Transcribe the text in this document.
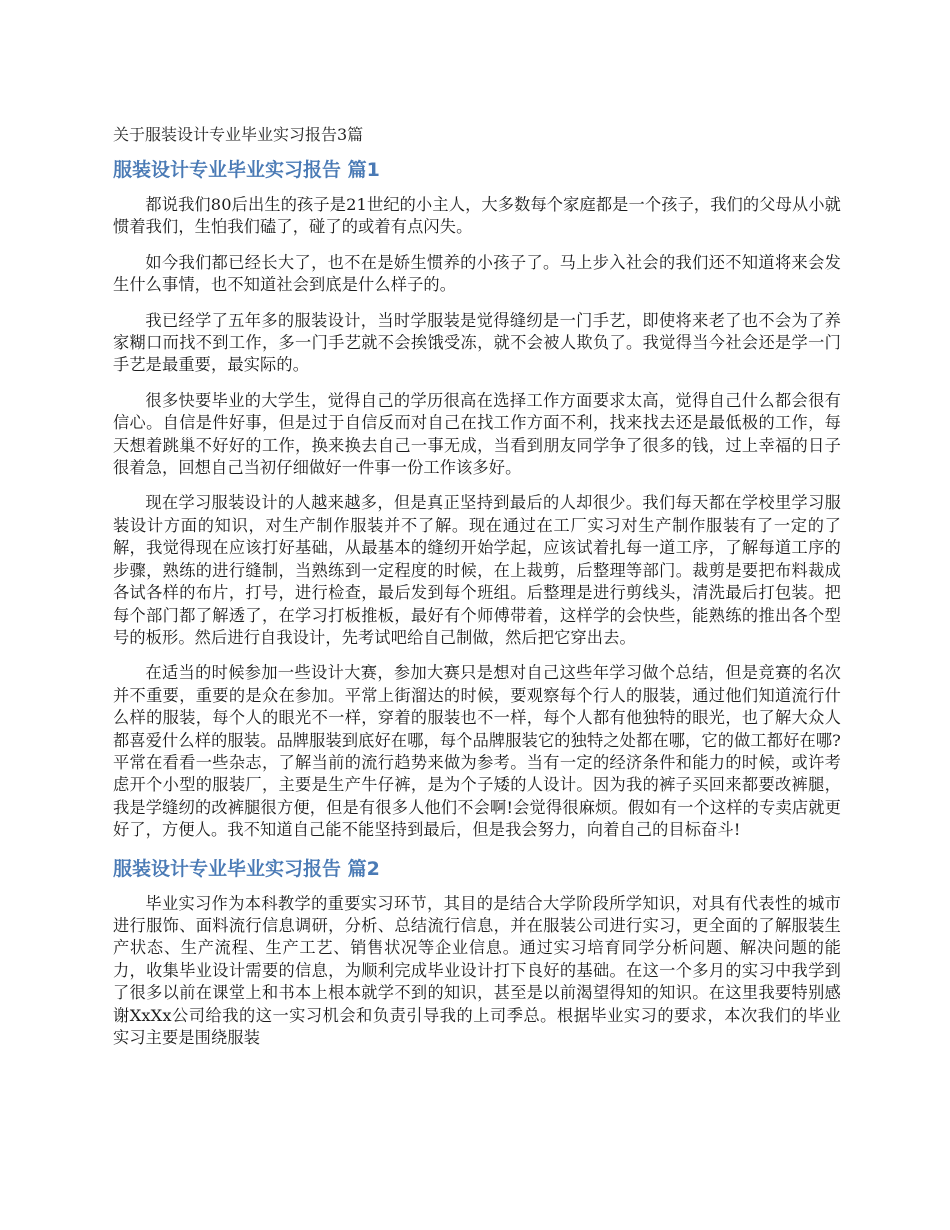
关于服装设计专业毕业实习报告3篇
服装设计专业毕业实习报告 篇1

都说我们80后出生的孩子是21世纪的小主人，大多数每个家庭都是一个孩子，我们的父母从小就惯着我们，生怕我们磕了，碰了的或着有点闪失。

如今我们都已经长大了，也不在是娇生惯养的小孩子了。马上步入社会的我们还不知道将来会发生什么事情，也不知道社会到底是什么样子的。

我已经学了五年多的服装设计，当时学服装是觉得缝纫是一门手艺，即使将来老了也不会为了养家糊口而找不到工作，多一门手艺就不会挨饿受冻，就不会被人欺负了。我觉得当今社会还是学一门手艺是最重要，最实际的。

很多快要毕业的大学生，觉得自己的学历很高在选择工作方面要求太高，觉得自己什么都会很有信心。自信是件好事，但是过于自信反而对自己在找工作方面不利，找来找去还是最低极的工作，每天想着跳巢不好好的工作，换来换去自己一事无成，当看到朋友同学争了很多的钱，过上幸福的日子很着急，回想自己当初仔细做好一件事一份工作该多好。

现在学习服装设计的人越来越多，但是真正坚持到最后的人却很少。我们每天都在学校里学习服装设计方面的知识，对生产制作服装并不了解。现在通过在工厂实习对生产制作服装有了一定的了解，我觉得现在应该打好基础，从最基本的缝纫开始学起，应该试着扎每一道工序，了解每道工序的步骤，熟练的进行缝制，当熟练到一定程度的时候，在上裁剪，后整理等部门。裁剪是要把布料裁成各试各样的布片，打号，进行检查，最后发到每个班组。后整理是进行剪线头，清洗最后打包装。把每个部门都了解透了，在学习打板推板，最好有个师傅带着，这样学的会快些，能熟练的推出各个型号的板形。然后进行自我设计，先考试吧给自己制做，然后把它穿出去。

在适当的时候参加一些设计大赛，参加大赛只是想对自己这些年学习做个总结，但是竞赛的名次并不重要，重要的是众在参加。平常上街溜达的时候，要观察每个行人的服装，通过他们知道流行什么样的服装，每个人的眼光不一样，穿着的服装也不一样，每个人都有他独特的眼光，也了解大众人都喜爱什么样的服装。品牌服装到底好在哪，每个品牌服装它的独特之处都在哪，它的做工都好在哪?平常在看看一些杂志，了解当前的流行趋势来做为参考。当有一定的经济条件和能力的时候，或许考虑开个小型的服装厂，主要是生产牛仔裤，是为个子矮的人设计。因为我的裤子买回来都要改裤腿，我是学缝纫的改裤腿很方便，但是有很多人他们不会啊!会觉得很麻烦。假如有一个这样的专卖店就更好了，方便人。我不知道自己能不能坚持到最后，但是我会努力，向着自己的目标奋斗!

服装设计专业毕业实习报告 篇2

毕业实习作为本科教学的重要实习环节，其目的是结合大学阶段所学知识，对具有代表性的城市进行服饰、面料流行信息调研，分析、总结流行信息，并在服装公司进行实习，更全面的了解服装生产状态、生产流程、生产工艺、销售状况等企业信息。通过实习培育同学分析问题、解决问题的能力，收集毕业设计需要的信息，为顺利完成毕业设计打下良好的基础。在这一个多月的实习中我学到了很多以前在课堂上和书本上根本就学不到的知识，甚至是以前渴望得知的知识。在这里我要特别感谢XxXx公司给我的这一实习机会和负责引导我的上司季总。根据毕业实习的要求，本次我们的毕业实习主要是围绕服装
